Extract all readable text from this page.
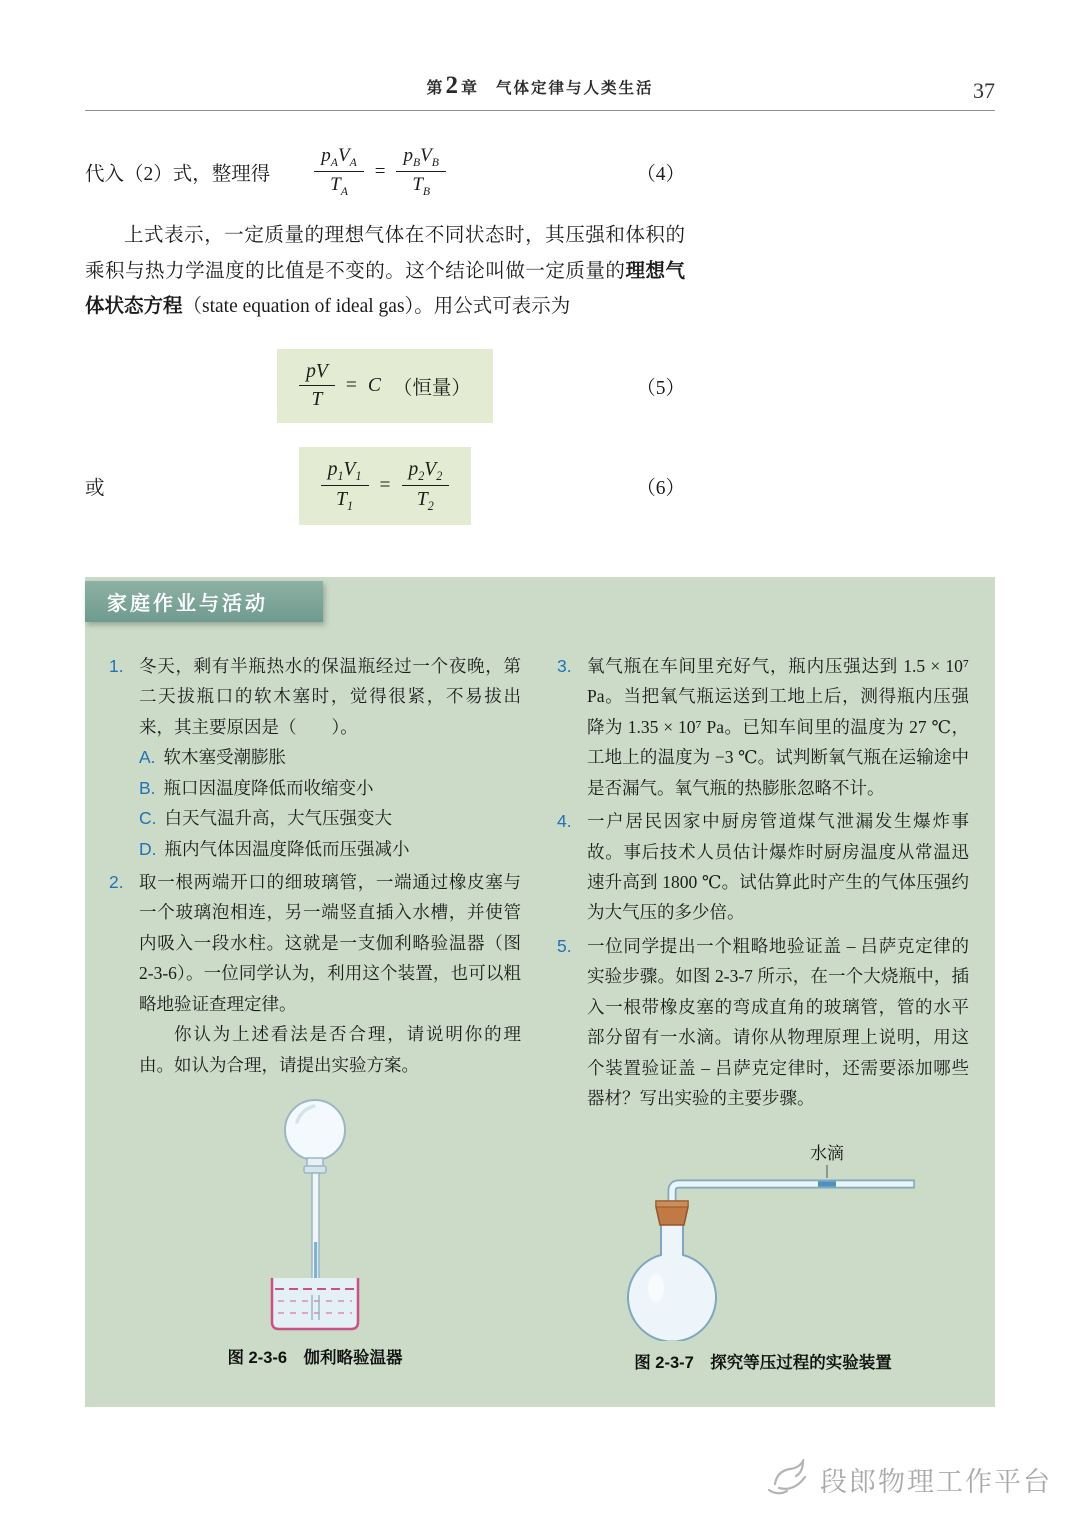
第2 章 气体定律与人类生活	37
代入（2）式，整理得 $\frac{p_AV_A}{T_A} = \frac{p_BV_B}{T_B}$	（4）

上式表示，一定质量的理想气体在不同状态时，其压强和体积的乘积与热力学温度的比值是不变的。这个结论叫做一定质量的理想气体状态方程（state equation of ideal gas）。用公式可表示为

$\frac{pV}{T} = C$ （恒量）	（5）
或	$\frac{p_1V_1}{T_1} = \frac{p_2V_2}{T_2}$	（6）
家庭作业与活动
1. 冬天，剩有半瓶热水的保温瓶经过一个夜晚，第二天拔瓶口的软木塞时，觉得很紧，不易拔出来，其主要原因是（　　）。

A. 软木塞受潮膨胀
B. 瓶口因温度降低而收缩变小
C. 白天气温升高，大气压强变大
D. 瓶内气体因温度降低而压强减小
2. 取一根两端开口的细玻璃管，一端通过橡皮塞与一个玻璃泡相连，另一端竖直插入水槽，并使管内吸入一段水柱。这就是一支伽利略验温器（图 2-3-6）。一位同学认为，利用这个装置，也可以粗略地验证查理定律。

你认为上述看法是否合理，请说明你的理由。如认为合理，请提出实验方案。

图 2-3-6　伽利略验温器
3. 氧气瓶在车间里充好气，瓶内压强达到 1.5 × 10⁷ Pa。当把氧气瓶运送到工地上后，测得瓶内压强降为 1.35 × 10⁷ Pa。已知车间里的温度为 27 ℃，工地上的温度为 −3 ℃。试判断氧气瓶在运输途中是否漏气。氧气瓶的热膨胀忽略不计。

4. 一户居民因家中厨房管道煤气泄漏发生爆炸事故。事后技术人员估计爆炸时厨房温度从常温迅速升高到 1800 ℃。试估算此时产生的气体压强约为大气压的多少倍。

5. 一位同学提出一个粗略地验证盖 – 吕萨克定律的实验步骤。如图 2-3-7 所示，在一个大烧瓶中，插入一根带橡皮塞的弯成直角的玻璃管，管的水平部分留有一水滴。请你从物理原理上说明，用这个装置验证盖 – 吕萨克定律时，还需要添加哪些器材？写出实验的主要步骤。

水滴
图 2-3-7　探究等压过程的实验装置
段郎物理工作平台
